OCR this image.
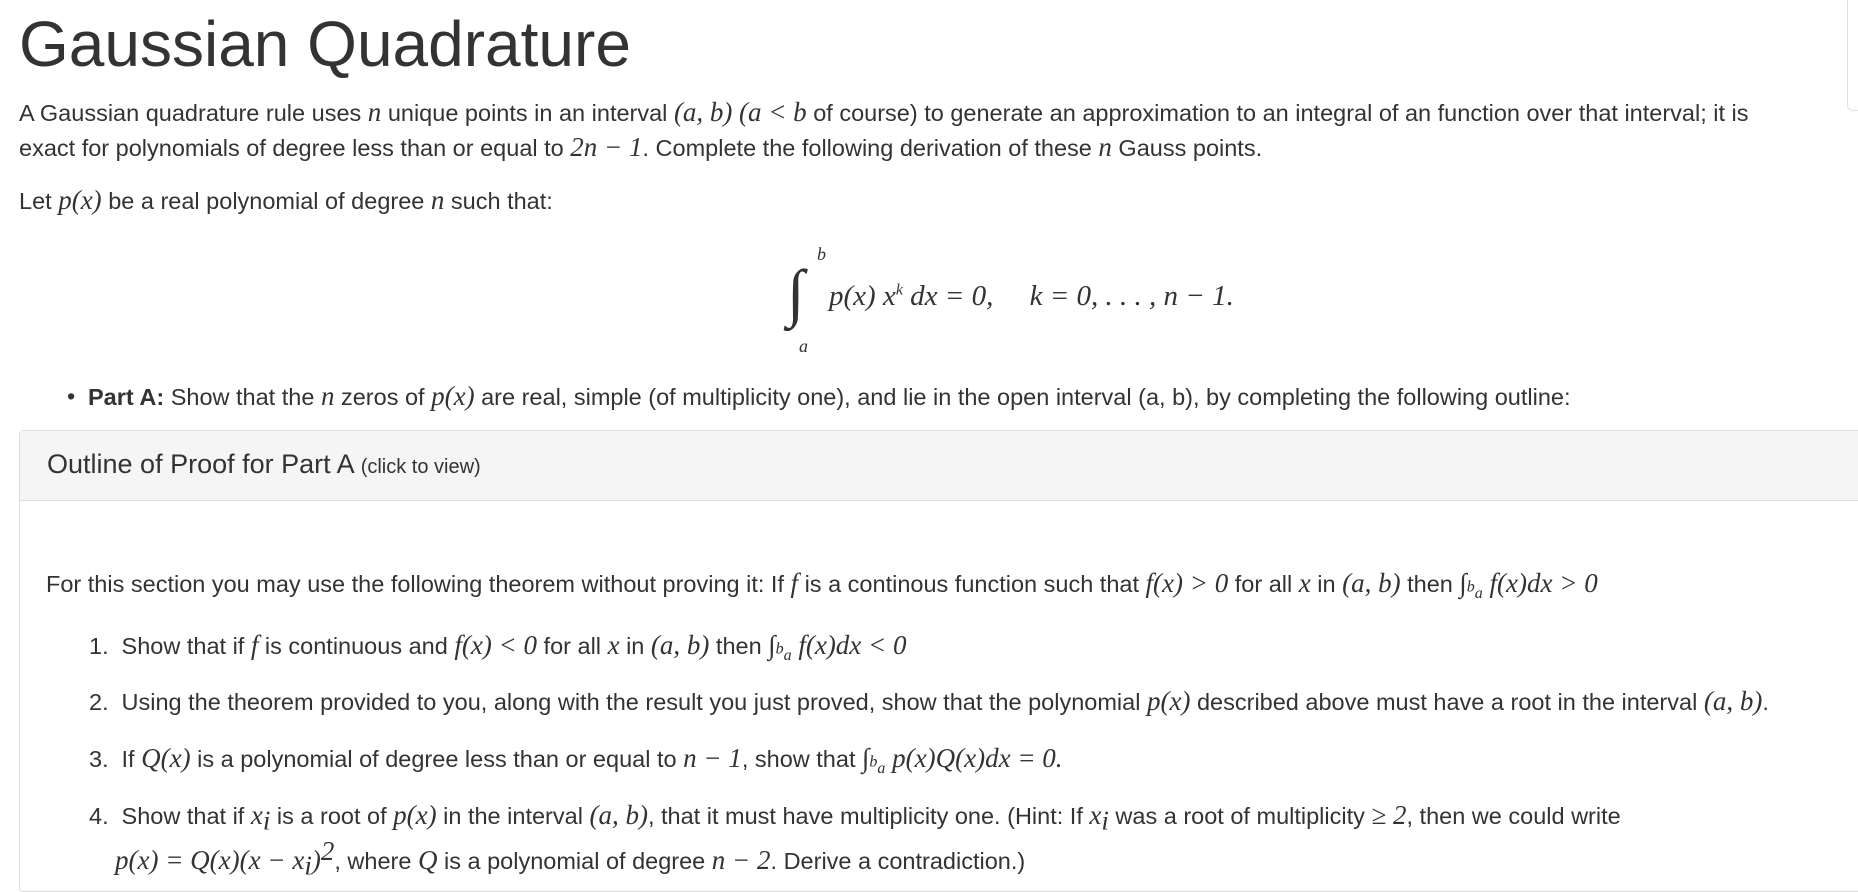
Gaussian Quadrature
A Gaussian quadrature rule uses n unique points in an interval (a, b) (a < b of course) to generate an approximation to an integral of an function over that interval; it is
exact for polynomials of degree less than or equal to 2n − 1. Complete the following derivation of these n Gauss points.
Let p(x) be a real polynomial of degree n such that:
b
∫
a
p(x) $x^k$ dx = 0,     k = 0, . . . , n − 1.
• Part A: Show that the n zeros of p(x) are real, simple (of multiplicity one), and lie in the open interval (a, b), by completing the following outline:
Outline of Proof for Part A (click to view)
For this section you may use the following theorem without proving it: If f is a continous function such that f(x) > 0 for all x in (a, b) then $\int_{^ba}$ f(x)dx > 0
1. Show that if f is continuous and f(x) < 0 for all x in (a, b) then $\int_{^ba}$ f(x)dx < 0
2. Using the theorem provided to you, along with the result you just proved, show that the polynomial p(x) described above must have a root in the interval (a, b).
3. If Q(x) is a polynomial of degree less than or equal to n − 1, show that $\int_{^ba}$ p(x)Q(x)dx = 0.
4. Show that if $x_i$ is a root of p(x) in the interval (a, b), that it must have multiplicity one. (Hint: If $x_i$ was a root of multiplicity ≥ 2, then we could write
$p(x) = Q(x)(x - x_i)^2$, where Q is a polynomial of degree n − 2. Derive a contradiction.)
